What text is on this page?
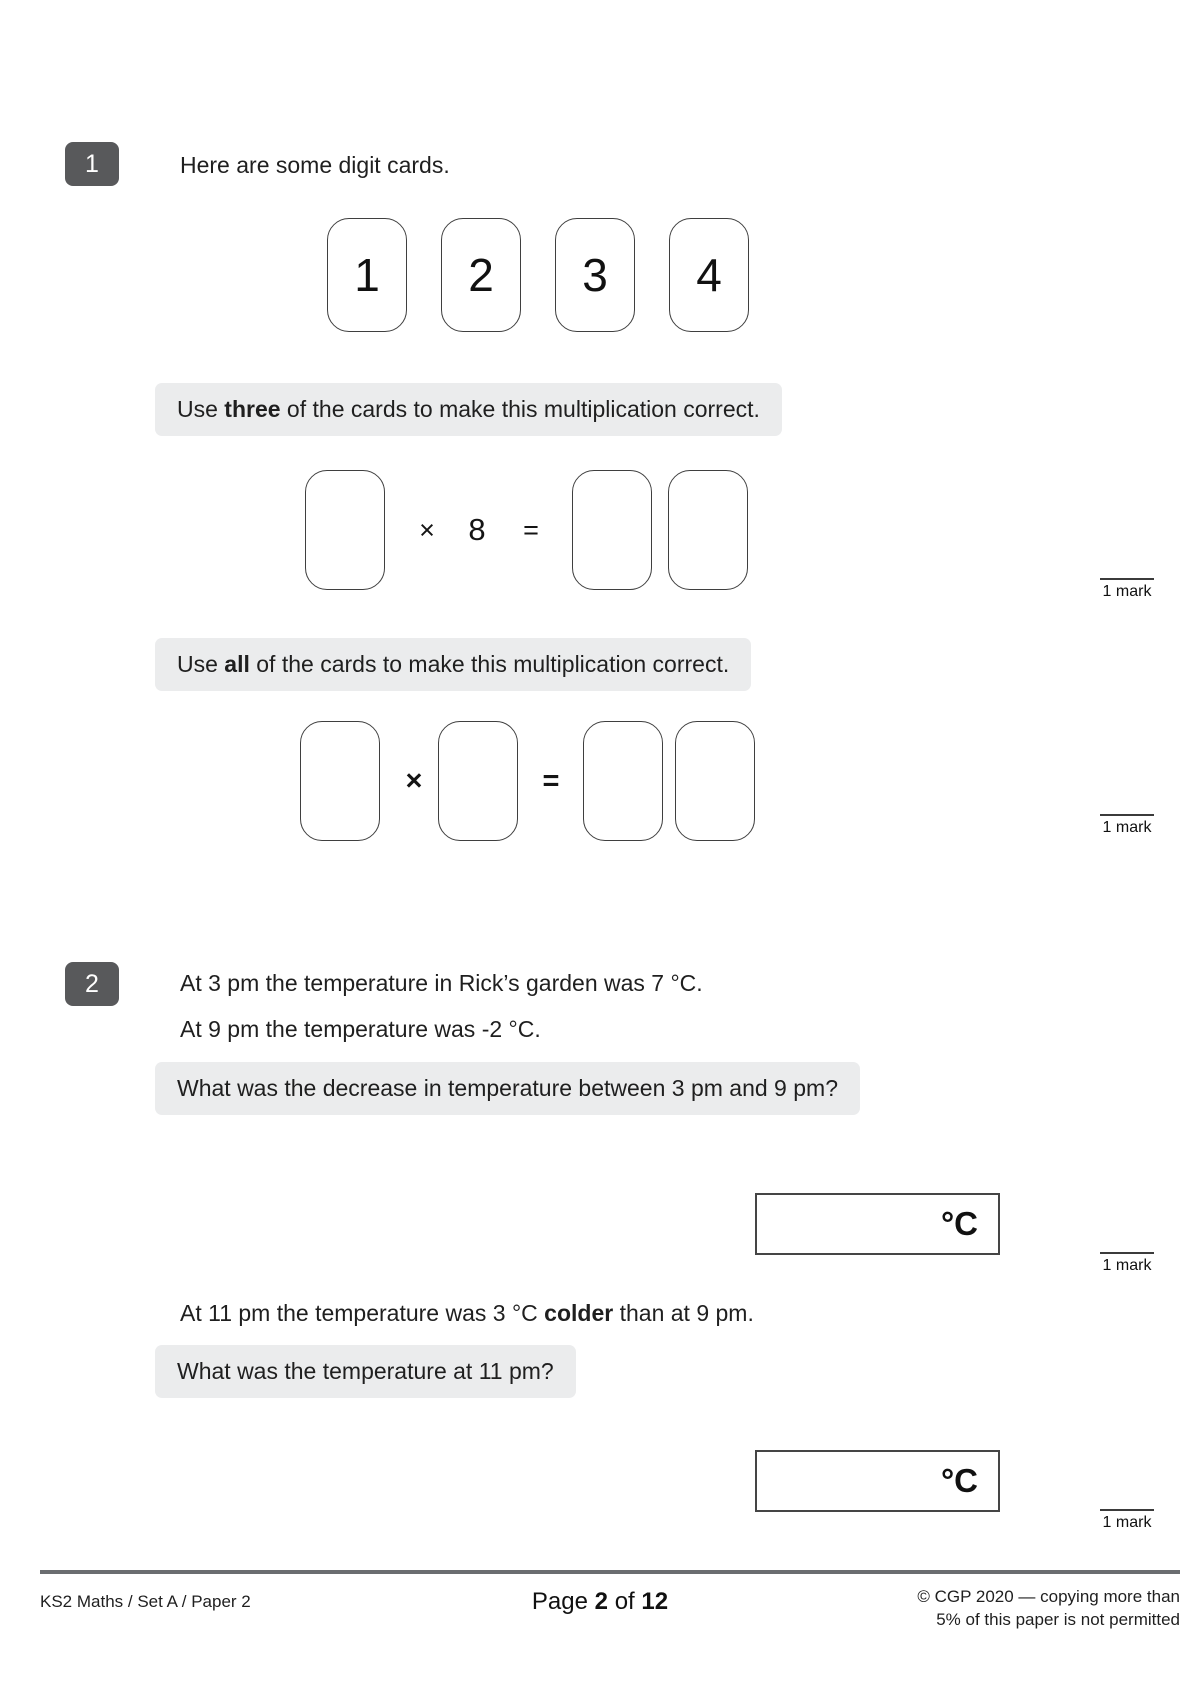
1	Here are some digit cards.
1 2 3 4
Use three of the cards to make this multiplication correct.
× 8 =
1 mark
Use all of the cards to make this multiplication correct.
×	=
1 mark
2	At 3 pm the temperature in Rick’s garden was 7 °C.
At 9 pm the temperature was -2 °C.
What was the decrease in temperature between 3 pm and 9 pm?
°C
1 mark
At 11 pm the temperature was 3 °C colder than at 9 pm.
What was the temperature at 11 pm?
°C
1 mark
KS2 Maths / Set A / Paper 2	Page 2 of 12	© CGP 2020 — copying more than
5% of this paper is not permitted
